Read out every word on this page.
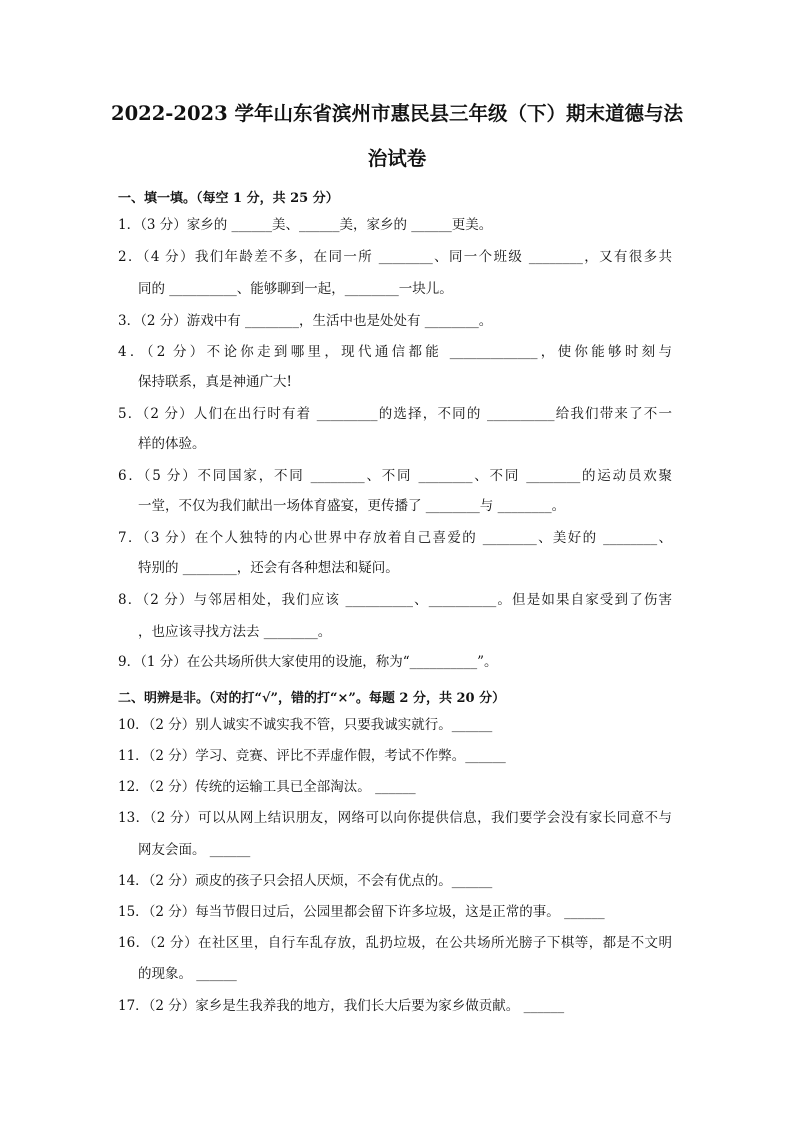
2022-2023 学年山东省滨州市惠民县三年级（下）期末道德与法
治试卷
一、填一填。（每空 1 分，共 25 分）
1．（3 分）家乡的 ______美、______美，家乡的 ______更美。
2．（4 分）我们年龄差不多，在同一所 ________、同一个班级 ________，又有很多共
同的 __________、能够聊到一起，________一块儿。
3．（2 分）游戏中有 ________，生活中也是处处有 ________。
4．（2 分）不论你走到哪里，现代通信都能 _____________，使你能够时刻与
保持联系，真是神通广大!
5．（2 分）人们在出行时有着 _________的选择，不同的 __________给我们带来了不一
样的体验。
6．（5 分）不同国家，不同 ________、不同 ________、不同 ________的运动员欢聚
一堂，不仅为我们献出一场体育盛宴，更传播了 ________与 ________。
7．（3 分）在个人独特的内心世界中存放着自己喜爱的 ________、美好的 ________、
特别的 ________，还会有各种想法和疑问。
8．（2 分）与邻居相处，我们应该 __________、__________。但是如果自家受到了伤害
，也应该寻找方法去 ________。
9．（1 分）在公共场所供大家使用的设施，称为“__________”。
二、明辨是非。（对的打“√”，错的打“×”。每题 2 分，共 20 分）
10．（2 分）别人诚实不诚实我不管，只要我诚实就行。______
11．（2 分）学习、竞赛、评比不弄虚作假，考试不作弊。______
12．（2 分）传统的运输工具已全部淘汰。 ______
13．（2 分）可以从网上结识朋友，网络可以向你提供信息，我们要学会没有家长同意不与
网友会面。 ______
14．（2 分）顽皮的孩子只会招人厌烦，不会有优点的。______
15．（2 分）每当节假日过后，公园里都会留下许多垃圾，这是正常的事。 ______
16．（2 分）在社区里，自行车乱存放，乱扔垃圾，在公共场所光膀子下棋等，都是不文明
的现象。 ______
17．（2 分）家乡是生我养我的地方，我们长大后要为家乡做贡献。 ______
